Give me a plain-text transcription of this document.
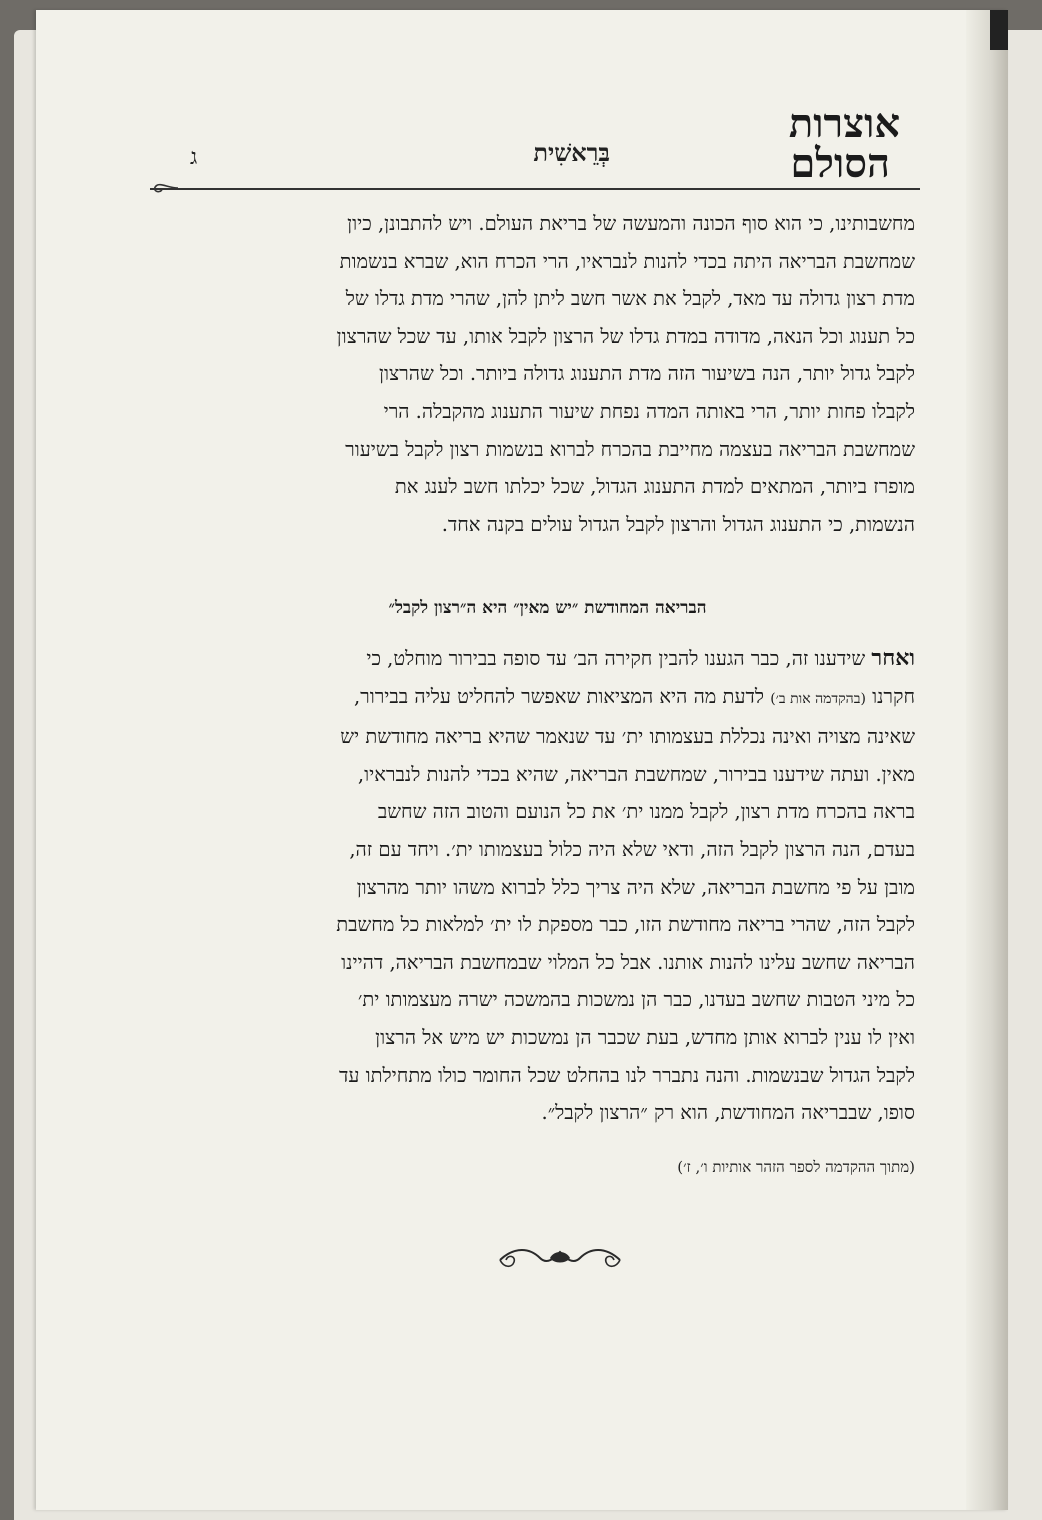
אוצרות
הסולם
בְּרֵאשִׁית
ג

מחשבותינו, כי הוא סוף הכונה והמעשה של בריאת העולם. ויש להתבונן, כיון

שמחשבת הבריאה היתה בכדי להנות לנבראיו, הרי הכרח הוא, שברא בנשמות

מדת רצון גדולה עד מאד, לקבל את אשר חשב ליתן להן, שהרי מדת גדלו של

כל תענוג וכל הנאה, מדודה במדת גדלו של הרצון לקבל אותו, עד שכל שהרצון

לקבל גדול יותר, הנה בשיעור הזה מדת התענוג גדולה ביותר. וכל שהרצון

לקבלו פחות יותר, הרי באותה המדה נפחת שיעור התענוג מהקבלה. הרי

שמחשבת הבריאה בעצמה מחייבת בהכרח לברוא בנשמות רצון לקבל בשיעור

מופרז ביותר, המתאים למדת התענוג הגדול, שכל יכלתו חשב לענג את

הנשמות, כי התענוג הגדול והרצון לקבל הגדול עולים בקנה אחד.

הבריאה המחודשת ״יש מאין״ היא ה״רצון לקבל״

ואחר שידענו זה, כבר הגענו להבין חקירה הב׳ עד סופה בבירור מוחלט, כי

חקרנו (בהקדמה אות ב׳) לדעת מה היא המציאות שאפשר להחליט עליה בבירור,

שאינה מצויה ואינה נכללת בעצמותו ית׳ עד שנאמר שהיא בריאה מחודשת יש

מאין. ועתה שידענו בבירור, שמחשבת הבריאה, שהיא בכדי להנות לנבראיו,

בראה בהכרח מדת רצון, לקבל ממנו ית׳ את כל הנועם והטוב הזה שחשב

בעדם, הנה הרצון לקבל הזה, ודאי שלא היה כלול בעצמותו ית׳. ויחד עם זה,

מובן על פי מחשבת הבריאה, שלא היה צריך כלל לברוא משהו יותר מהרצון

לקבל הזה, שהרי בריאה מחודשת הזו, כבר מספקת לו ית׳ למלאות כל מחשבת

הבריאה שחשב עלינו להנות אותנו. אבל כל המלוי שבמחשבת הבריאה, דהיינו

כל מיני הטבות שחשב בעדנו, כבר הן נמשכות בהמשכה ישרה מעצמותו ית׳

ואין לו ענין לברוא אותן מחדש, בעת שכבר הן נמשכות יש מיש אל הרצון

לקבל הגדול שבנשמות. והנה נתברר לנו בהחלט שכל החומר כולו מתחילתו עד

סופו, שבבריאה המחודשת, הוא רק ״הרצון לקבל״.

(מתוך ההקדמה לספר הזהר אותיות ו׳, ז׳)
